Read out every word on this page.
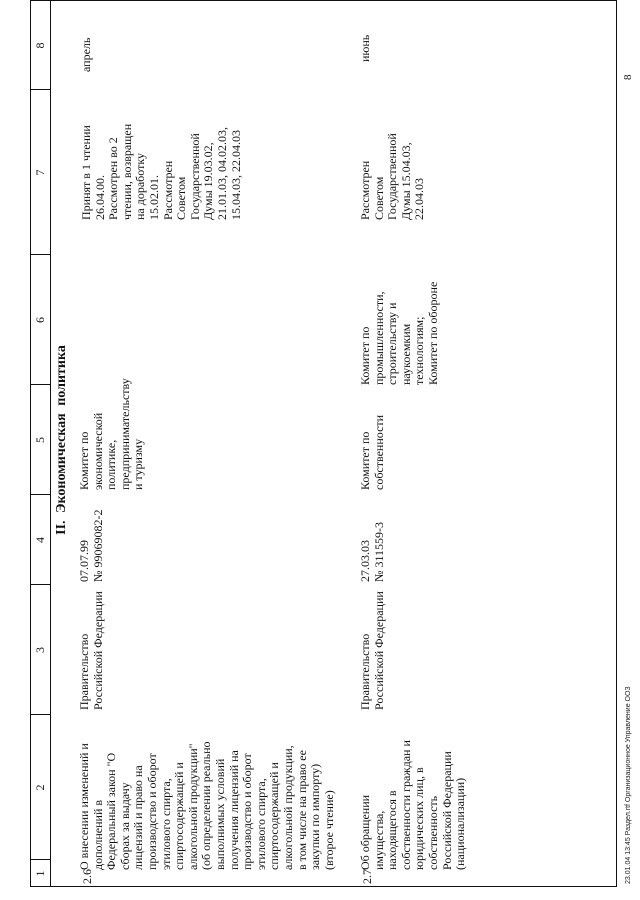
1
2
3
4
5
6
7
8
II. Экономическая политика
2.6
О внесении изменений и
дополнений в
Федеральный закон "О
сборах за выдачу
лицензий и право на
производство и оборот
этилового спирта,
спиртосодержащей и
алкогольной продукции"
(об определении реально
выполнимых условий
получения лицензий на
производство и оборот
этилового спирта,
спиртосодержащей и
алкогольной продукции,
в том числе на право ее
закупки по импорту)
(второе чтение)
Правительство
Российской Федерации
07.07.99
№ 99069082-2
Комитет по
экономической
политике,
предпринимательству
и туризму
Принят в 1 чтении
26.04.00.
Рассмотрен во 2
чтении, возвращен
на доработку
15.02.01.
Рассмотрен
Советом
Государственной
Думы 19.03.02,
21.01.03, 04.02.03,
15.04.03, 22.04.03
апрель
2.7
Об обращении
имущества,
находящегося в
собственности граждан и
юридических лиц, в
собственность
Российской Федерации
(национализации)
Правительство
Российской Федерации
27.03.03
№ 311559-3
Комитет по
собственности
Комитет по
промышленности,
строительству и
наукоемким
технологиям;
Комитет по обороне
Рассмотрен
Советом
Государственной
Думы 15.04.03,
22.04.03
июнь
23.01.04 13:45 Раздел.rtf Организационное Управление ООЗ
8
